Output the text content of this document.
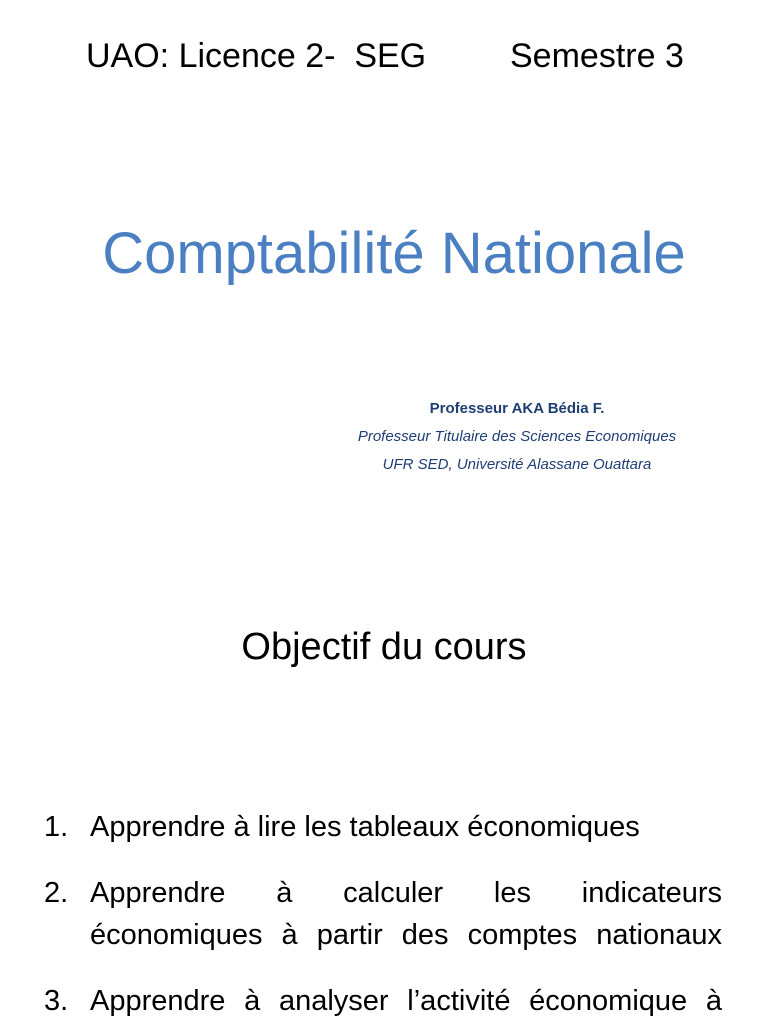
UAO: Licence 2-  SEG Semestre 3
Comptabilité Nationale
Professeur AKA Bédia F.
Professeur Titulaire des Sciences Economiques
UFR SED, Université Alassane Ouattara
Objectif du cours
1. Apprendre à lire les tableaux économiques
2. Apprendre à calculer les indicateurs
économiques à partir des comptes nationaux
3. Apprendre à analyser l’activité économique à
